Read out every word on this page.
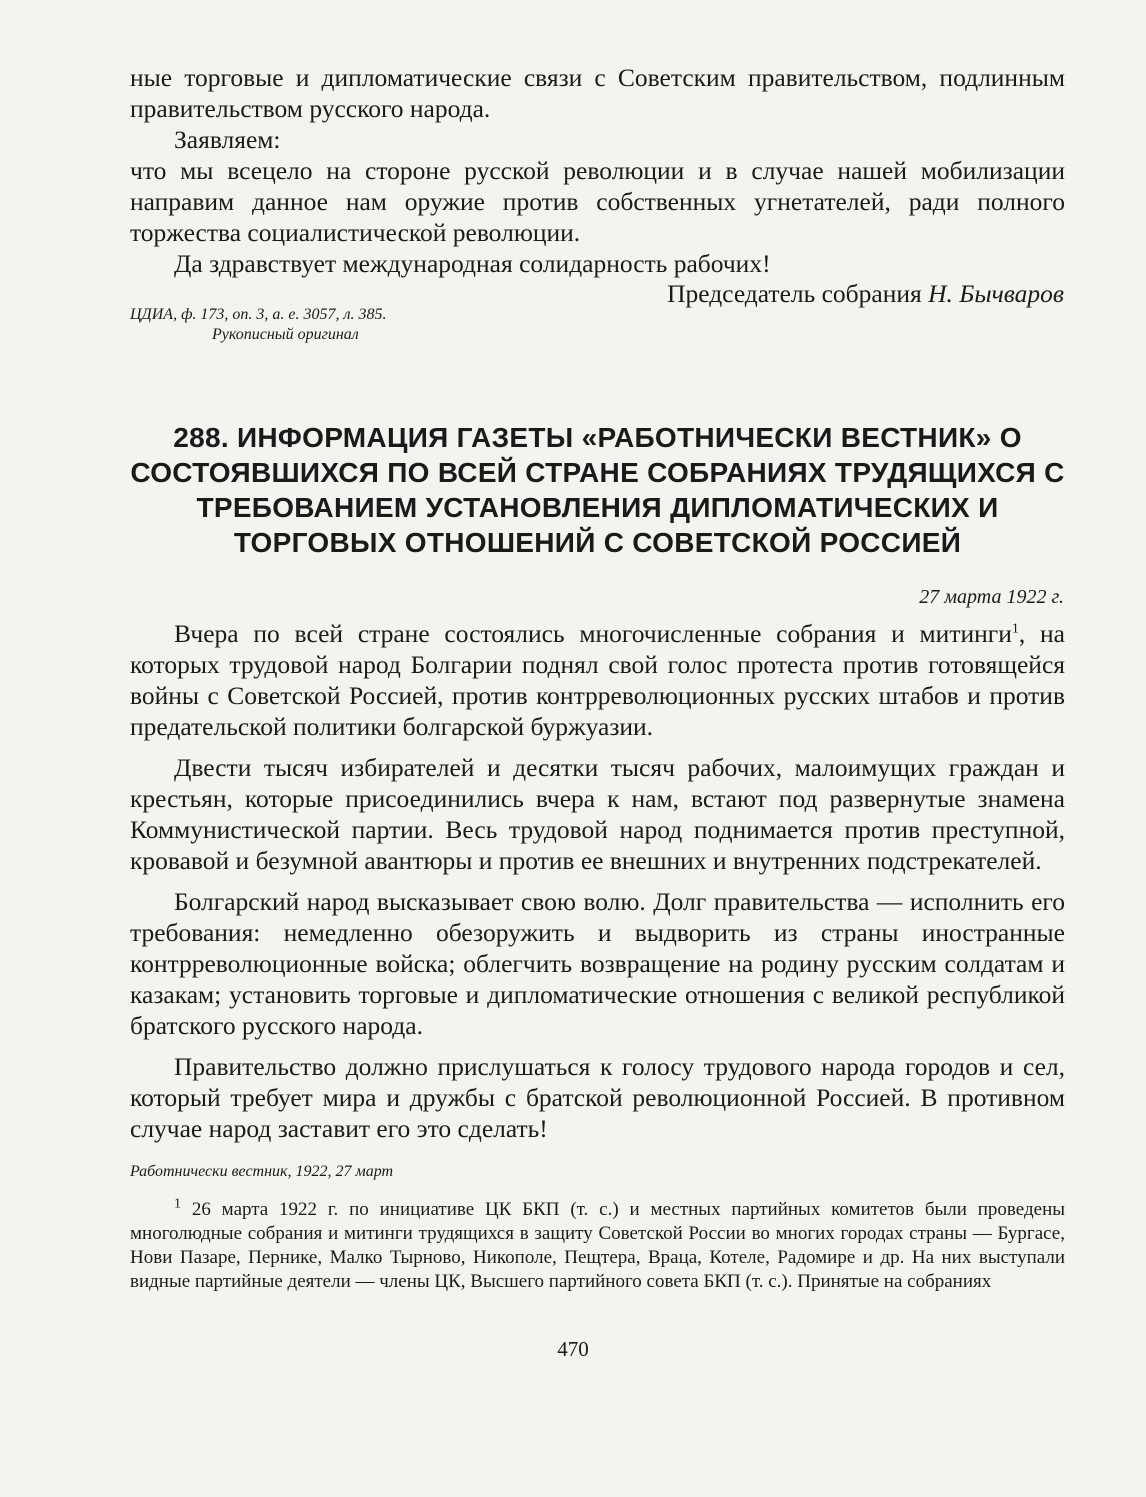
ные торговые и дипломатические связи с Советским правительством, подлинным правительством русского народа.

Заявляем:

что мы всецело на стороне русской революции и в случае нашей мобилизации направим данное нам оружие против собственных угнетателей, ради полного торжества социалистической революции.

Да здравствует международная солидарность рабочих!

Председатель собрания Н. Бычваров
ЦДИА, ф. 173, оп. 3, а. е. 3057, л. 385.
Рукописный оригинал
288. ИНФОРМАЦИЯ ГАЗЕТЫ «РАБОТНИЧЕСКИ ВЕСТНИК» О СОСТОЯВШИХСЯ ПО ВСЕЙ СТРАНЕ СОБРАНИЯХ ТРУДЯЩИХСЯ С ТРЕБОВАНИЕМ УСТАНОВЛЕНИЯ ДИПЛОМАТИЧЕСКИХ И ТОРГОВЫХ ОТНОШЕНИЙ С СОВЕТСКОЙ РОССИЕЙ
27 марта 1922 г.

Вчера по всей стране состоялись многочисленные собрания и митинги$^1$, на которых трудовой народ Болгарии поднял свой голос протеста против готовящейся войны с Советской Россией, против контрреволюционных русских штабов и против предательской политики болгарской буржуазии.

Двести тысяч избирателей и десятки тысяч рабочих, малоимущих граждан и крестьян, которые присоединились вчера к нам, встают под развернутые знамена Коммунистической партии. Весь трудовой народ поднимается против преступной, кровавой и безумной авантюры и против ее внешних и внутренних подстрекателей.

Болгарский народ высказывает свою волю. Долг правительства — исполнить его требования: немедленно обезоружить и выдворить из страны иностранные контрреволюционные войска; облегчить возвращение на родину русским солдатам и казакам; установить торговые и дипломатические отношения с великой республикой братского русского народа.

Правительство должно прислушаться к голосу трудового народа городов и сел, который требует мира и дружбы с братской революционной Россией. В противном случае народ заставит его это сделать!

Работнически вестник, 1922, 27 март

$^1$ 26 марта 1922 г. по инициативе ЦК БКП (т. с.) и местных партийных комитетов были проведены многолюдные собрания и митинги трудящихся в защиту Советской России во многих городах страны — Бургасе, Нови Пазаре, Пернике, Малко Тырново, Никополе, Пещтера, Враца, Котеле, Радомире и др. На них выступали видные партийные деятели — члены ЦК, Высшего партийного совета БКП (т. с.). Принятые на собраниях

470
